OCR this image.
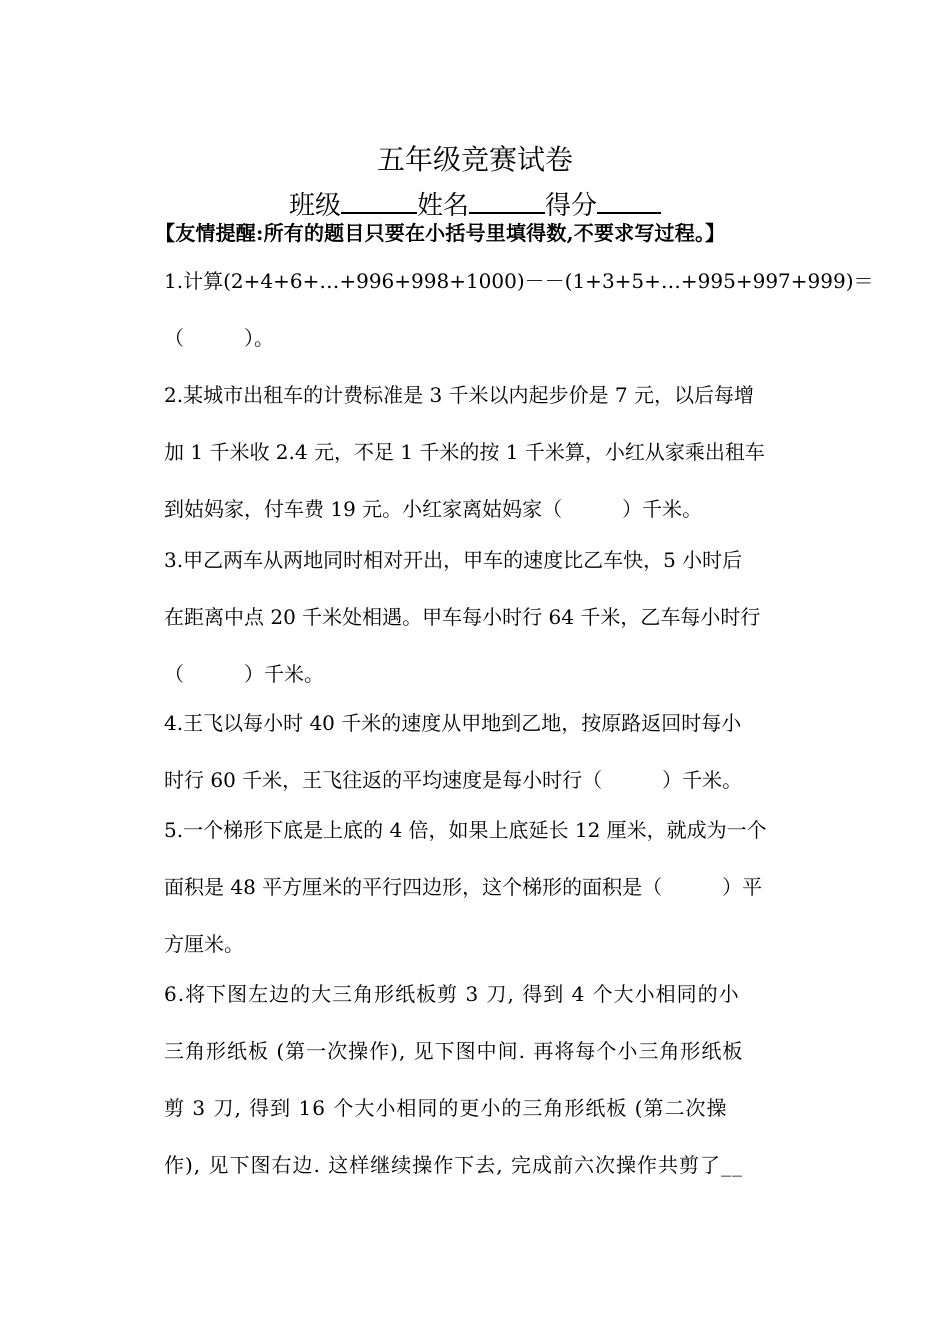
五年级竞赛试卷
班级	姓名	得分
【友情提醒:所有的题目只要在小括号里填得数,不要求写过程。】
1.计算(2+4+6+…+996+998+1000)－－(1+3+5+…+995+997+999)＝
（　　　）。
2.某城市出租车的计费标准是 3 千米以内起步价是 7 元，以后每增
加 1 千米收 2.4 元，不足 1 千米的按 1 千米算，小红从家乘出租车
到姑妈家，付车费 19 元。小红家离姑妈家（　　　）千米。
3.甲乙两车从两地同时相对开出，甲车的速度比乙车快，5 小时后
在距离中点 20 千米处相遇。甲车每小时行 64 千米，乙车每小时行
（　　　）千米。
4.王飞以每小时 40 千米的速度从甲地到乙地，按原路返回时每小
时行 60 千米，王飞往返的平均速度是每小时行（　　　）千米。
5.一个梯形下底是上底的 4 倍，如果上底延长 12 厘米，就成为一个
面积是 48 平方厘米的平行四边形，这个梯形的面积是（　　　）平
方厘米。
6.将下图左边的大三角形纸板剪 3 刀, 得到 4 个大小相同的小
三角形纸板 (第一次操作), 见下图中间. 再将每个小三角形纸板
剪 3 刀, 得到 16 个大小相同的更小的三角形纸板 (第二次操
作), 见下图右边. 这样继续操作下去, 完成前六次操作共剪了__
